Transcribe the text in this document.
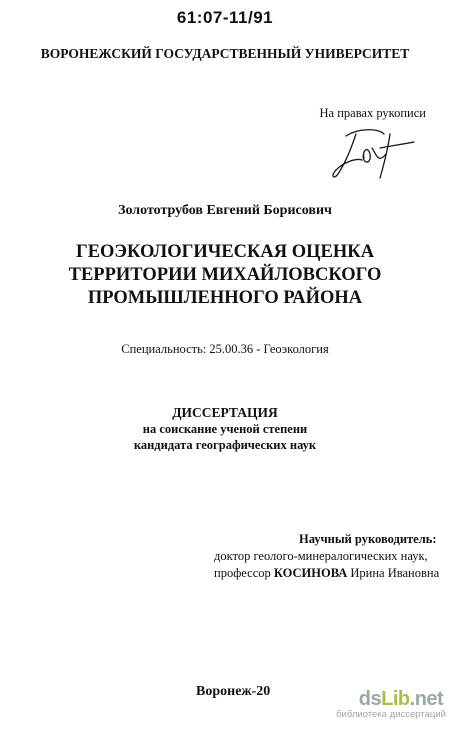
61:07-11/91
ВОРОНЕЖСКИЙ ГОСУДАРСТВЕННЫЙ УНИВЕРСИТЕТ
На правах рукописи
Золототрубов Евгений Борисович
ГЕОЭКОЛОГИЧЕСКАЯ ОЦЕНКА
ТЕРРИТОРИИ МИХАЙЛОВСКОГО
ПРОМЫШЛЕННОГО РАЙОНА
Специальность: 25.00.36 - Геоэкология
ДИССЕРТАЦИЯ
на соискание ученой степени
кандидата географических наук
Научный руководитель:
доктор геолого-минералогических наук,
профессор КОСИНОВА Ирина Ивановна
Воронеж-20	dsLib.net
библиотека диссертаций
